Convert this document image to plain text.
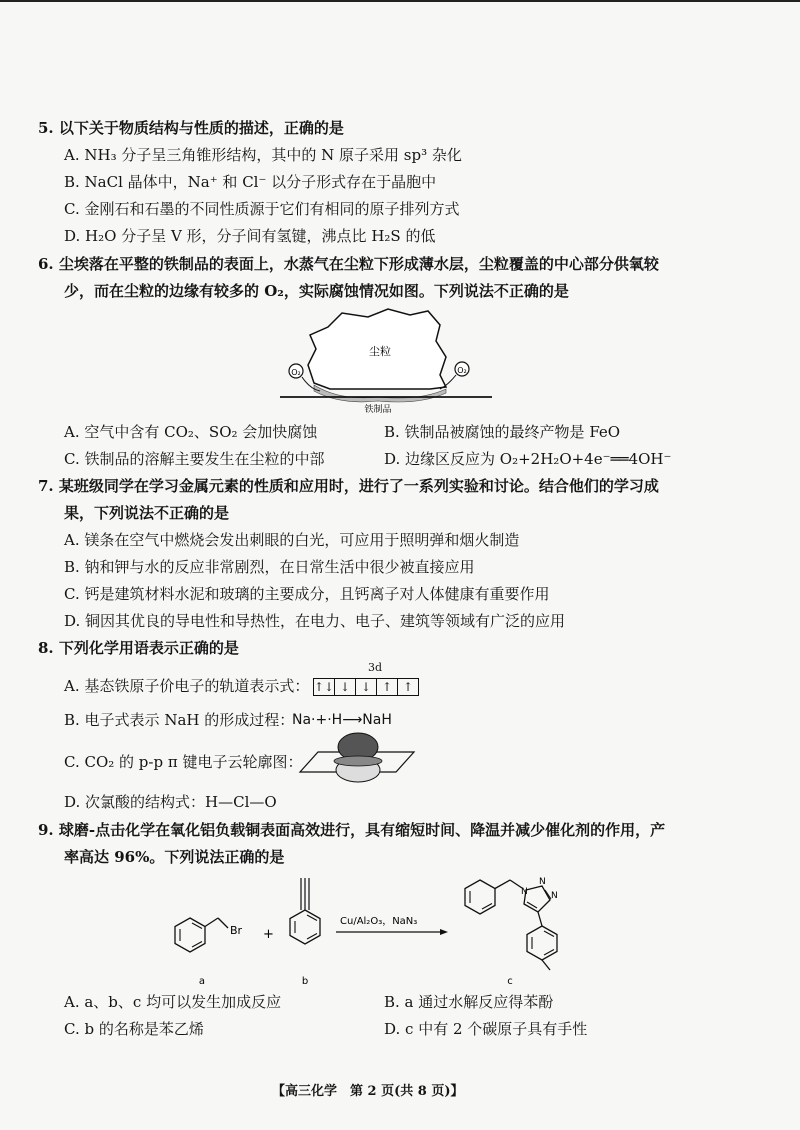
5. 以下关于物质结构与性质的描述，正确的是
A. NH₃ 分子呈三角锥形结构，其中的 N 原子采用 sp³ 杂化
B. NaCl 晶体中，Na⁺ 和 Cl⁻ 以分子形式存在于晶胞中
C. 金刚石和石墨的不同性质源于它们有相同的原子排列方式
D. H₂O 分子呈 V 形，分子间有氢键，沸点比 H₂S 的低
6. 尘埃落在平整的铁制品的表面上，水蒸气在尘粒下形成薄水层，尘粒覆盖的中心部分供氧较
少，而在尘粒的边缘有较多的 O₂，实际腐蚀情况如图。下列说法不正确的是
O₂	O₂
尘粒
铁制品
A. 空气中含有 CO₂、SO₂ 会加快腐蚀	B. 铁制品被腐蚀的最终产物是 FeO
C. 铁制品的溶解主要发生在尘粒的中部	D. 边缘区反应为 O₂+2H₂O+4e⁻══4OH⁻
7. 某班级同学在学习金属元素的性质和应用时，进行了一系列实验和讨论。结合他们的学习成
果，下列说法不正确的是
A. 镁条在空气中燃烧会发出刺眼的白光，可应用于照明弹和烟火制造
B. 钠和钾与水的反应非常剧烈，在日常生活中很少被直接应用
C. 钙是建筑材料水泥和玻璃的主要成分，且钙离子对人体健康有重要作用
D. 铜因其优良的导电性和导热性，在电力、电子、建筑等领域有广泛的应用
8. 下列化学用语表示正确的是
3d
A. 基态铁原子价电子的轨道表示式： ↑↓ ↓ ↓ ↑ ↑
B. 电子式表示 NaH 的形成过程：
Na·+·H⟶NaH
C. CO₂ 的 p-p π 键电子云轮廓图：
D. 次氯酸的结构式：H—Cl—O
9. 球磨-点击化学在氧化铝负载铜表面高效进行，具有缩短时间、降温并减少催化剂的作用，产
率高达 96%。下列说法正确的是
Br +
Cu/Al₂O₃，NaN₃
N
N
N
a	b	c
A. a、b、c 均可以发生加成反应	B. a 通过水解反应得苯酚
C. b 的名称是苯乙烯	D. c 中有 2 个碳原子具有手性
【高三化学　第 2 页(共 8 页)】
